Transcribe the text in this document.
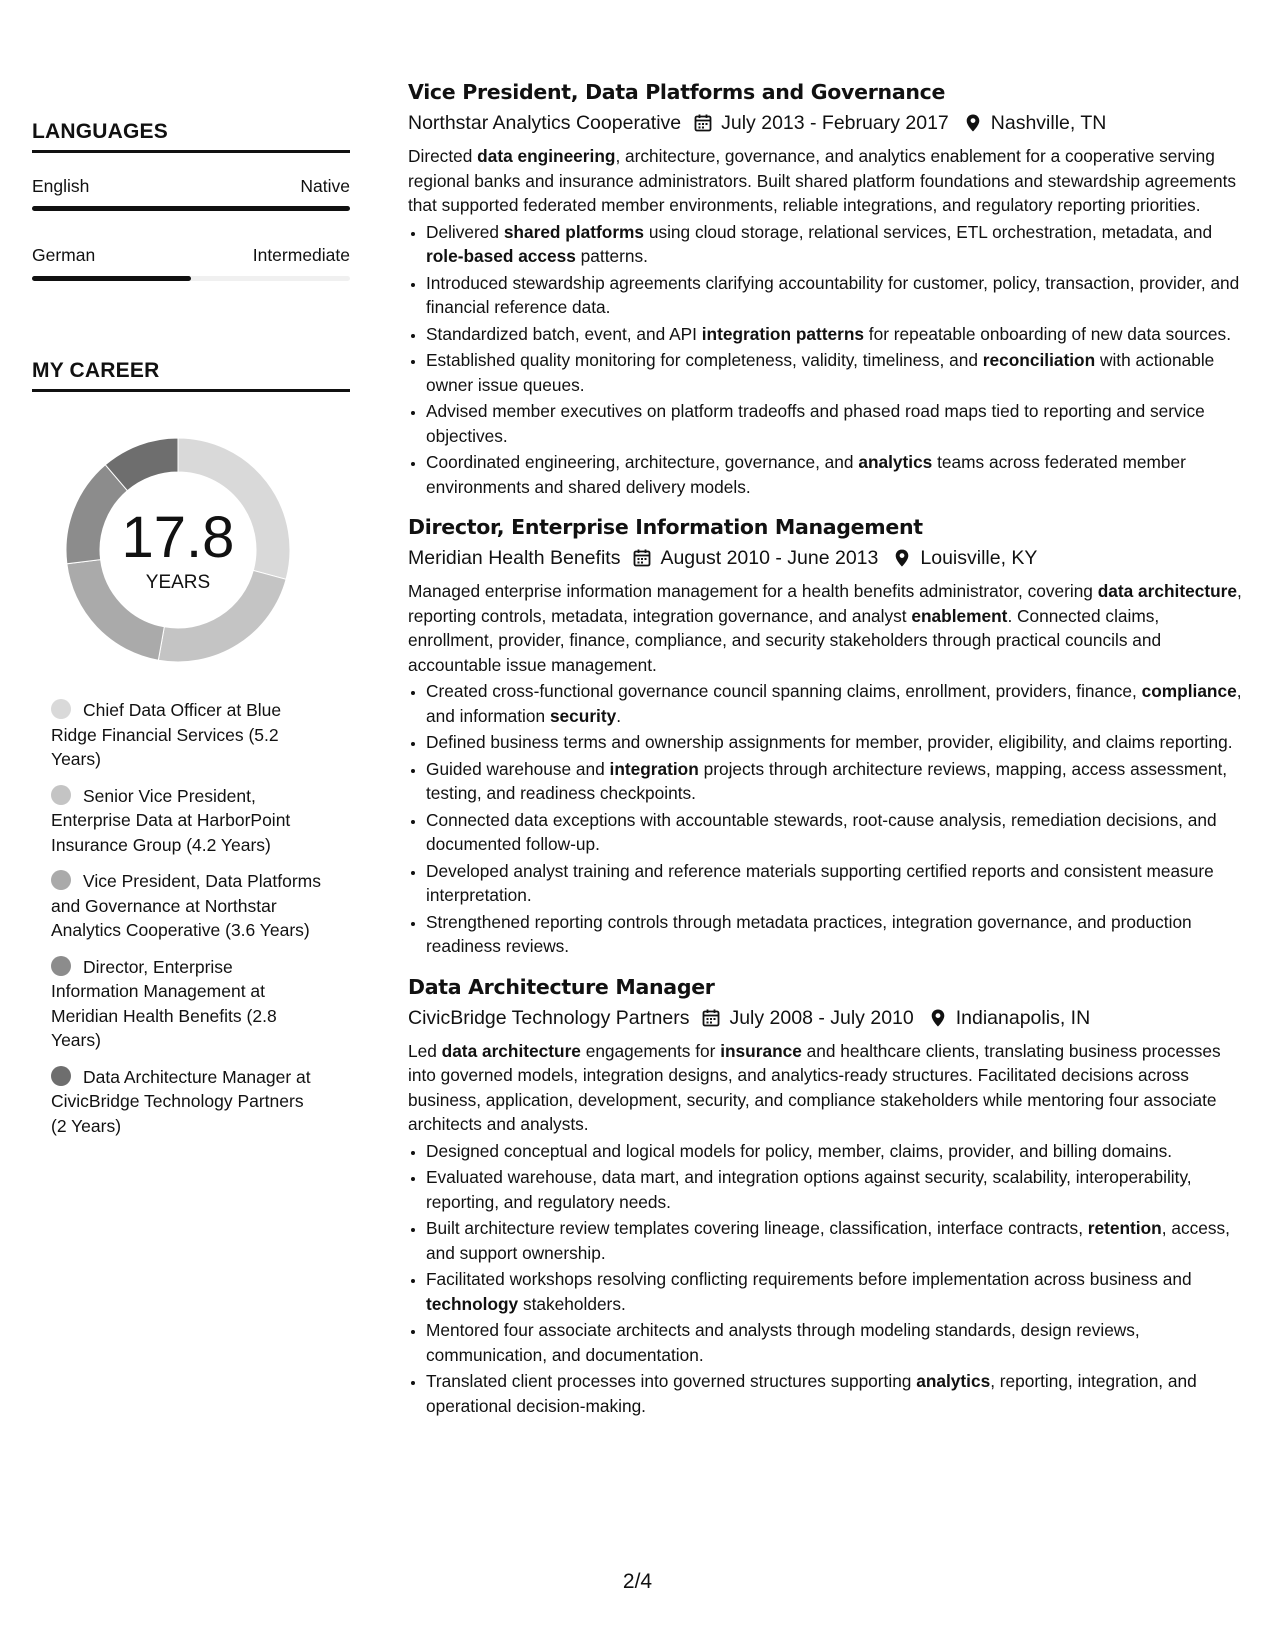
LANGUAGES
English	Native
German	Intermediate
MY CAREER
17.8
YEARS
Chief Data Officer at Blue Ridge Financial Services (5.2 Years)
Senior Vice President, Enterprise Data at HarborPoint Insurance Group (4.2 Years)
Vice President, Data Platforms and Governance at Northstar Analytics Cooperative (3.6 Years)
Director, Enterprise Information Management at Meridian Health Benefits (2.8 Years)
Data Architecture Manager at CivicBridge Technology Partners (2 Years)
Vice President, Data Platforms and Governance
Northstar Analytics Cooperative July 2013 - February 2017 Nashville, TN

Directed data engineering, architecture, governance, and analytics enablement for a cooperative serving regional banks and insurance administrators. Built shared platform foundations and stewardship agreements that supported federated member environments, reliable integrations, and regulatory reporting priorities.

• Delivered shared platforms using cloud storage, relational services, ETL orchestration, metadata, and role-based access patterns.
• Introduced stewardship agreements clarifying accountability for customer, policy, transaction, provider, and financial reference data.
• Standardized batch, event, and API integration patterns for repeatable onboarding of new data sources.
• Established quality monitoring for completeness, validity, timeliness, and reconciliation with actionable owner issue queues.
• Advised member executives on platform tradeoffs and phased road maps tied to reporting and service objectives.
• Coordinated engineering, architecture, governance, and analytics teams across federated member environments and shared delivery models.
Director, Enterprise Information Management
Meridian Health Benefits August 2010 - June 2013 Louisville, KY

Managed enterprise information management for a health benefits administrator, covering data architecture, reporting controls, metadata, integration governance, and analyst enablement. Connected claims, enrollment, provider, finance, compliance, and security stakeholders through practical councils and accountable issue management.

• Created cross-functional governance council spanning claims, enrollment, providers, finance, compliance, and information security.
• Defined business terms and ownership assignments for member, provider, eligibility, and claims reporting.
• Guided warehouse and integration projects through architecture reviews, mapping, access assessment, testing, and readiness checkpoints.
• Connected data exceptions with accountable stewards, root-cause analysis, remediation decisions, and documented follow-up.
• Developed analyst training and reference materials supporting certified reports and consistent measure interpretation.
• Strengthened reporting controls through metadata practices, integration governance, and production readiness reviews.
Data Architecture Manager
CivicBridge Technology Partners July 2008 - July 2010 Indianapolis, IN

Led data architecture engagements for insurance and healthcare clients, translating business processes into governed models, integration designs, and analytics-ready structures. Facilitated decisions across business, application, development, security, and compliance stakeholders while mentoring four associate architects and analysts.

• Designed conceptual and logical models for policy, member, claims, provider, and billing domains.
• Evaluated warehouse, data mart, and integration options against security, scalability, interoperability, reporting, and regulatory needs.
• Built architecture review templates covering lineage, classification, interface contracts, retention, access, and support ownership.
• Facilitated workshops resolving conflicting requirements before implementation across business and technology stakeholders.
• Mentored four associate architects and analysts through modeling standards, design reviews, communication, and documentation.
• Translated client processes into governed structures supporting analytics, reporting, integration, and operational decision-making.
2/4
